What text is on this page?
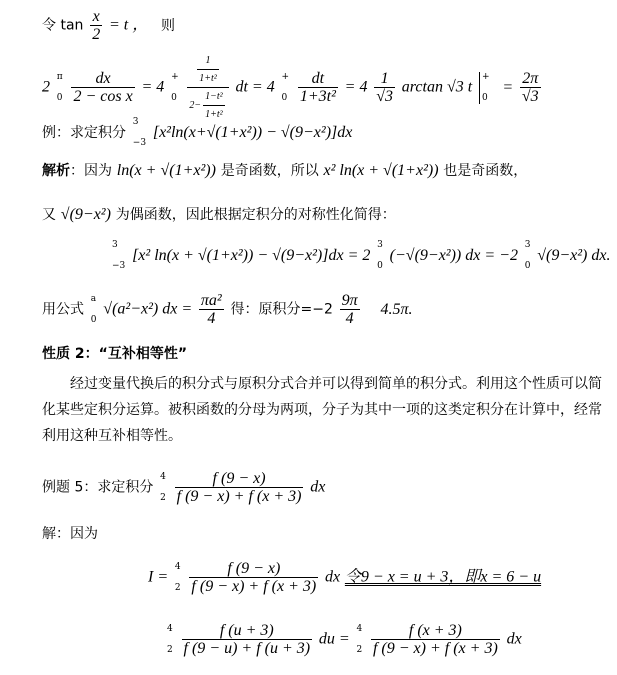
令 $\tan \frac{x}{2} = t$ ， 则
2
π
0
$\frac{dx}{\text{2 − cos x}} = 4$
+
0
$\frac{\frac{1}{\text{1+t²}}}{2- \frac{\text{1−t²}}{\text{1+t²}}}$ dt = 4
+
0
$\frac{dt}{\text{1+3t²}} = 4 \frac{1}{√3}$ arctan √3 t
+
0
= $\frac{2\pi}{√3}$
例：求定积分
3
−3
[x²ln(x+√(1+x²)) − √(9−x²)]dx
解析：因为 ln(x + √(1+x²)) 是奇函数，所以 x² ln(x + √(1+x²)) 也是奇函数，
又 √(9−x²) 为偶函数，因此根据定积分的对称性化简得：
3
−3
[x² ln(x + √(1+x²)) − √(9−x²)]dx = 2
3
0
(−√(9−x²)) dx = −2
3
0
√(9−x²) dx.
用公式
a
0
√(a²−x²) dx = $\frac{\text{πa²}}{4}$ 得：原积分$=-2 \frac{9\pi}{4} 4.5\pi$.
性质 2：“互补相等性”
经过变量代换后的积分式与原积分式合并可以得到简单的积分式。利用这个性质可以简化某些定积分运算。被积函数的分母为两项，分子为其中一项的这类定积分在计算中，经常利用这种互补相等性。
例题 5：求定积分
4
2
$\frac{f (9 - x)}{f (9 - x) + f (x + 3)}$ dx
解：因为
I =
4
2
$\frac{f (9 - x)}{f (9 - x) + f (x + 3)}$ dx 令9 − x = u + 3，即x = 6 − u
4
2
$\frac{f (u + 3)}{f (9 - u) + f (u + 3)}$ du =
4
2
$\frac{f (x + 3)}{f (9 - x) + f (x + 3)}$ dx
